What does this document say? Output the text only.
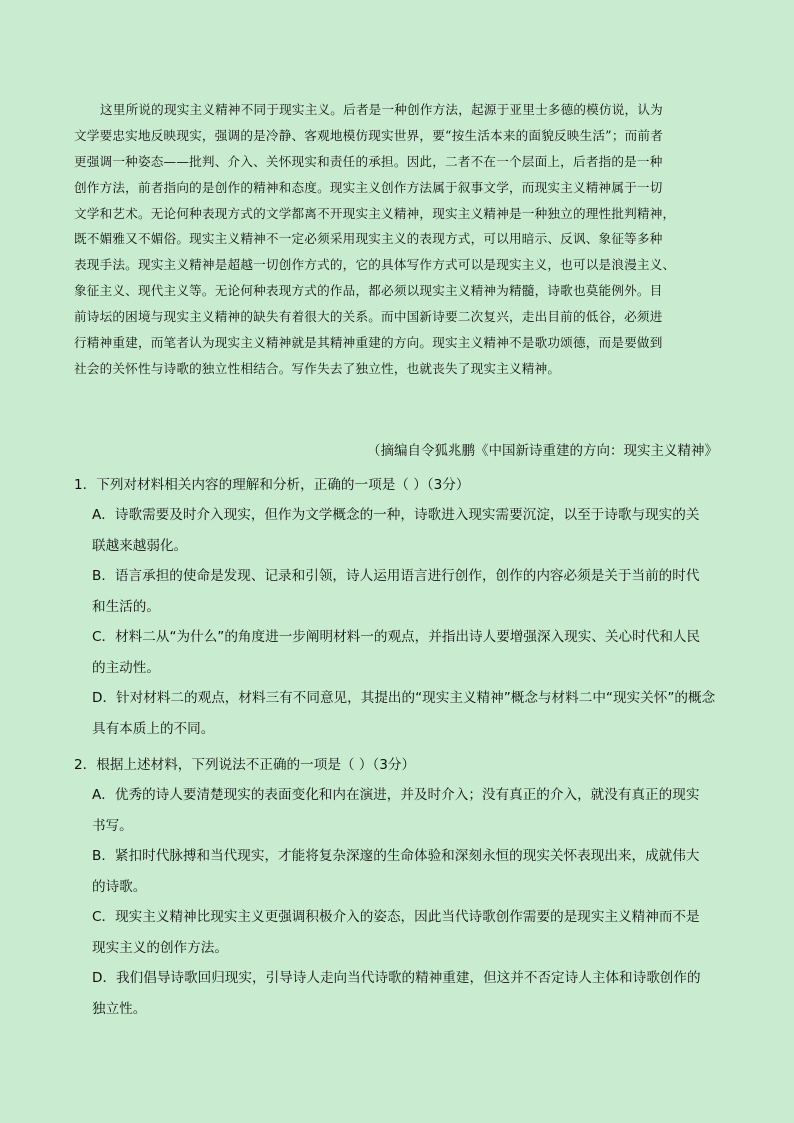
这里所说的现实主义精神不同于现实主义。后者是一种创作方法，起源于亚里士多德的模仿说，认为
文学要忠实地反映现实，强调的是冷静、客观地模仿现实世界，要“按生活本来的面貌反映生活”；而前者
更强调一种姿态——批判、介入、关怀现实和责任的承担。因此，二者不在一个层面上，后者指的是一种
创作方法，前者指向的是创作的精神和态度。现实主义创作方法属于叙事文学，而现实主义精神属于一切
文学和艺术。无论何种表现方式的文学都离不开现实主义精神，现实主义精神是一种独立的理性批判精神，
既不媚雅又不媚俗。现实主义精神不一定必须采用现实主义的表现方式，可以用暗示、反讽、象征等多种
表现手法。现实主义精神是超越一切创作方式的，它的具体写作方式可以是现实主义，也可以是浪漫主义、
象征主义、现代主义等。无论何种表现方式的作品，都必须以现实主义精神为精髓，诗歌也莫能例外。目
前诗坛的困境与现实主义精神的缺失有着很大的关系。而中国新诗要二次复兴，走出目前的低谷，必须进
行精神重建，而笔者认为现实主义精神就是其精神重建的方向。现实主义精神不是歌功颂德，而是要做到
社会的关怀性与诗歌的独立性相结合。写作失去了独立性，也就丧失了现实主义精神。
（摘编自令狐兆鹏《中国新诗重建的方向：现实主义精神》
1．下列对材料相关内容的理解和分析，正确的一项是（ ）（3分）
A．诗歌需要及时介入现实，但作为文学概念的一种，诗歌进入现实需要沉淀，以至于诗歌与现实的关
联越来越弱化。
B．语言承担的使命是发现、记录和引领，诗人运用语言进行创作，创作的内容必须是关于当前的时代
和生活的。
C．材料二从“为什么”的角度进一步阐明材料一的观点，并指出诗人要增强深入现实、关心时代和人民
的主动性。
D．针对材料二的观点，材料三有不同意见，其提出的“现实主义精神”概念与材料二中“现实关怀”的概念
具有本质上的不同。
2．根据上述材料，下列说法不正确的一项是（ ）（3分）
A．优秀的诗人要清楚现实的表面变化和内在演进，并及时介入；没有真正的介入，就没有真正的现实
书写。
B．紧扣时代脉搏和当代现实，才能将复杂深邃的生命体验和深刻永恒的现实关怀表现出来，成就伟大
的诗歌。
C．现实主义精神比现实主义更强调积极介入的姿态，因此当代诗歌创作需要的是现实主义精神而不是
现实主义的创作方法。
D．我们倡导诗歌回归现实，引导诗人走向当代诗歌的精神重建，但这并不否定诗人主体和诗歌创作的
独立性。
